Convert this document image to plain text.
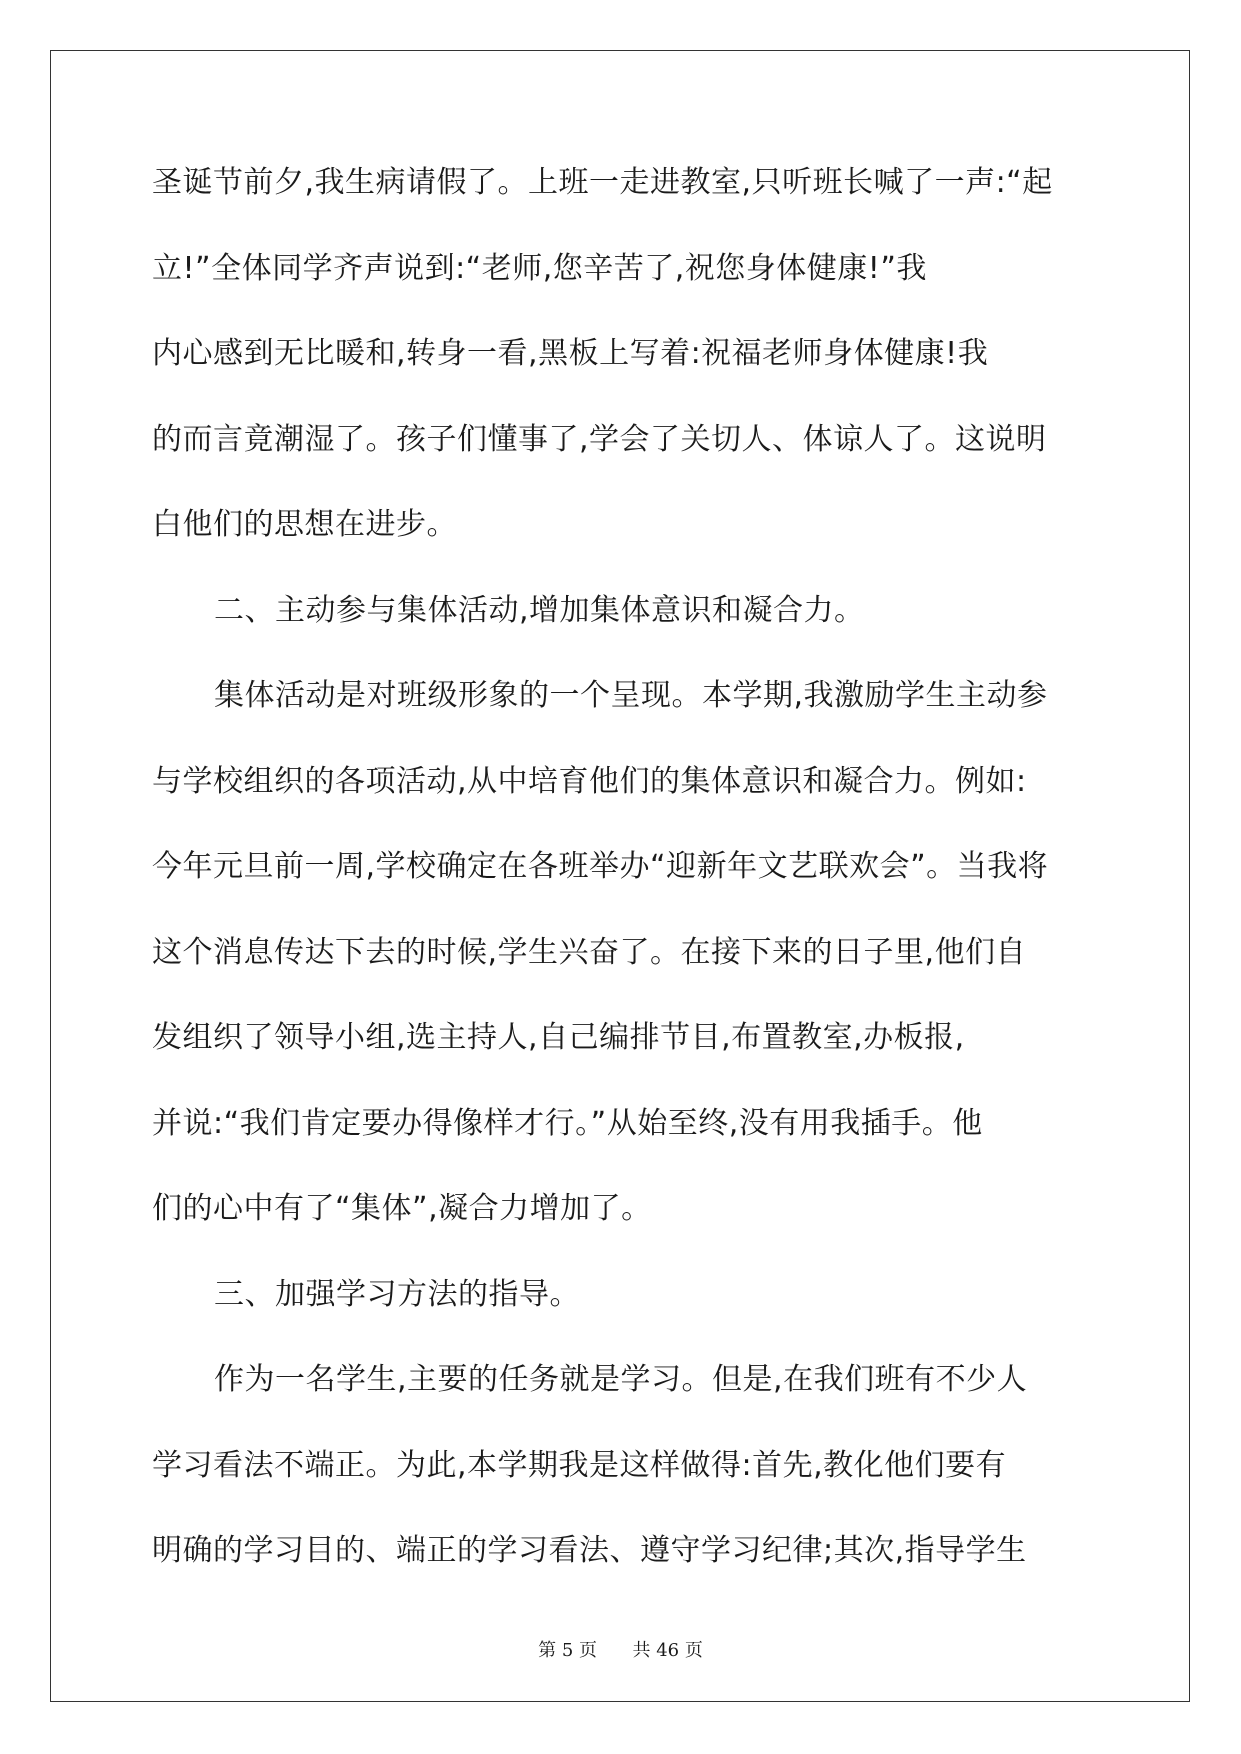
圣诞节前夕,我生病请假了。上班一走进教室,只听班长喊了一声:“起
立!”全体同学齐声说到:“老师,您辛苦了,祝您身体健康!”我
内心感到无比暖和,转身一看,黑板上写着:祝福老师身体健康!我
的而言竟潮湿了。孩子们懂事了,学会了关切人、体谅人了。这说明
白他们的思想在进步。
二、主动参与集体活动,增加集体意识和凝合力。
集体活动是对班级形象的一个呈现。本学期,我激励学生主动参
与学校组织的各项活动,从中培育他们的集体意识和凝合力。例如:
今年元旦前一周,学校确定在各班举办“迎新年文艺联欢会”。当我将
这个消息传达下去的时候,学生兴奋了。在接下来的日子里,他们自
发组织了领导小组,选主持人,自己编排节目,布置教室,办板报,
并说:“我们肯定要办得像样才行。”从始至终,没有用我插手。他
们的心中有了“集体”,凝合力增加了。
三、加强学习方法的指导。
作为一名学生,主要的任务就是学习。但是,在我们班有不少人
学习看法不端正。为此,本学期我是这样做得:首先,教化他们要有
明确的学习目的、端正的学习看法、遵守学习纪律;其次,指导学生
第 5 页 共 46 页
